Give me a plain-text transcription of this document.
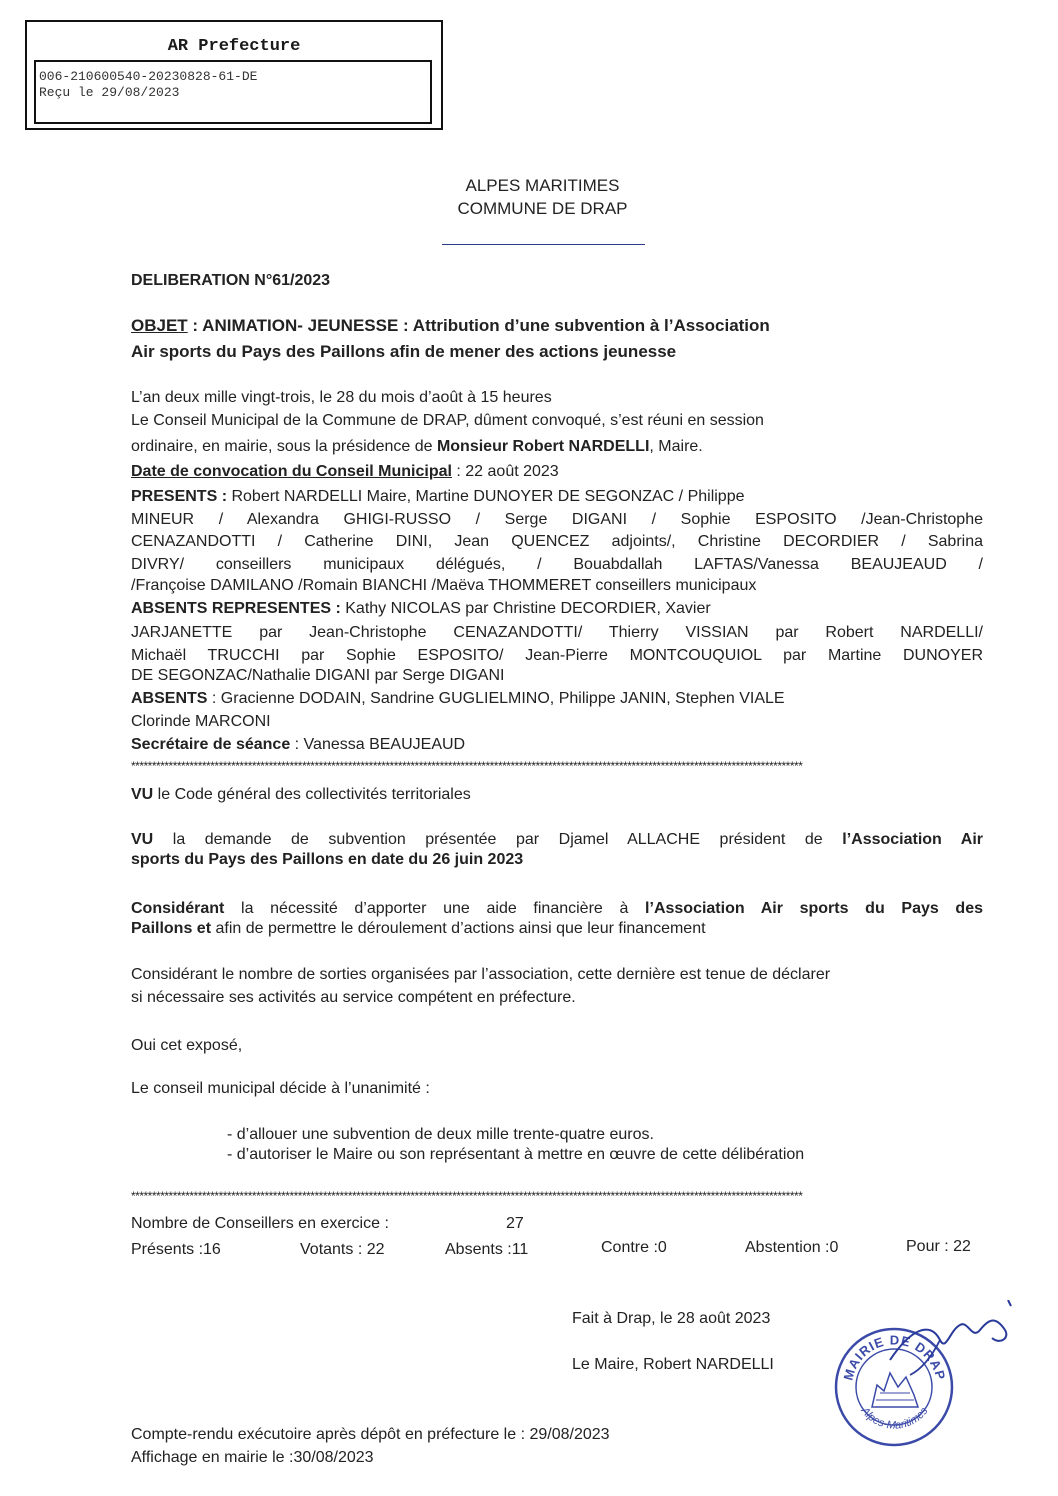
AR Prefecture
006-210600540-20230828-61-DE
Reçu le 29/08/2023
ALPES MARITIMES
COMMUNE DE DRAP
DELIBERATION N°61/2023
OBJET : ANIMATION- JEUNESSE : Attribution d’une subvention à l’Association
Air sports du Pays des Paillons afin de mener des actions jeunesse
L’an deux mille vingt-trois, le 28 du mois d’août à 15 heures
Le Conseil Municipal de la Commune de DRAP, dûment convoqué, s’est réuni en session
ordinaire, en mairie, sous la présidence de Monsieur Robert NARDELLI, Maire.
Date de convocation du Conseil Municipal : 22 août 2023
PRESENTS : Robert NARDELLI Maire, Martine DUNOYER DE SEGONZAC / Philippe
MINEUR / Alexandra GHIGI-RUSSO / Serge DIGANI / Sophie ESPOSITO /Jean-Christophe
CENAZANDOTTI / Catherine DINI, Jean QUENCEZ adjoints/, Christine DECORDIER / Sabrina
DIVRY/ conseillers municipaux délégués, / Bouabdallah LAFTAS/Vanessa BEAUJEAUD /
/Françoise DAMILANO /Romain BIANCHI /Maëva THOMMERET conseillers municipaux
ABSENTS REPRESENTES : Kathy NICOLAS par Christine DECORDIER, Xavier
JARJANETTE par Jean-Christophe CENAZANDOTTI/ Thierry VISSIAN par Robert NARDELLI/
Michaël TRUCCHI par Sophie ESPOSITO/ Jean-Pierre MONTCOUQUIOL par Martine DUNOYER
DE SEGONZAC/Nathalie DIGANI par Serge DIGANI
ABSENTS : Gracienne DODAIN, Sandrine GUGLIELMINO, Philippe JANIN, Stephen VIALE
Clorinde MARCONI
Secrétaire de séance : Vanessa BEAUJEAUD
*****************************************************************************************************************************************************************
VU le Code général des collectivités territoriales
VU la demande de subvention présentée par Djamel ALLACHE président de l’Association Air
sports du Pays des Paillons en date du 26 juin 2023
Considérant la nécessité d’apporter une aide financière à l’Association Air sports du Pays des
Paillons et afin de permettre le déroulement d’actions ainsi que leur financement
Considérant le nombre de sorties organisées par l’association, cette dernière est tenue de déclarer
si nécessaire ses activités au service compétent en préfecture.
Oui cet exposé,
Le conseil municipal décide à l’unanimité :
- d’allouer une subvention de deux mille trente-quatre euros.
- d’autoriser le Maire ou son représentant à mettre en œuvre de cette délibération
*****************************************************************************************************************************************************************
Nombre de Conseillers en exercice :	27
Présents :16	Votants : 22	Absents :11	Contre :0	Abstention :0	Pour : 22
Fait à Drap, le 28 août 2023
Le Maire, Robert NARDELLI
MAIRIE DE DRAP
Alpes-Maritimes
Compte-rendu exécutoire après dépôt en préfecture le : 29/08/2023
Affichage en mairie le :30/08/2023
